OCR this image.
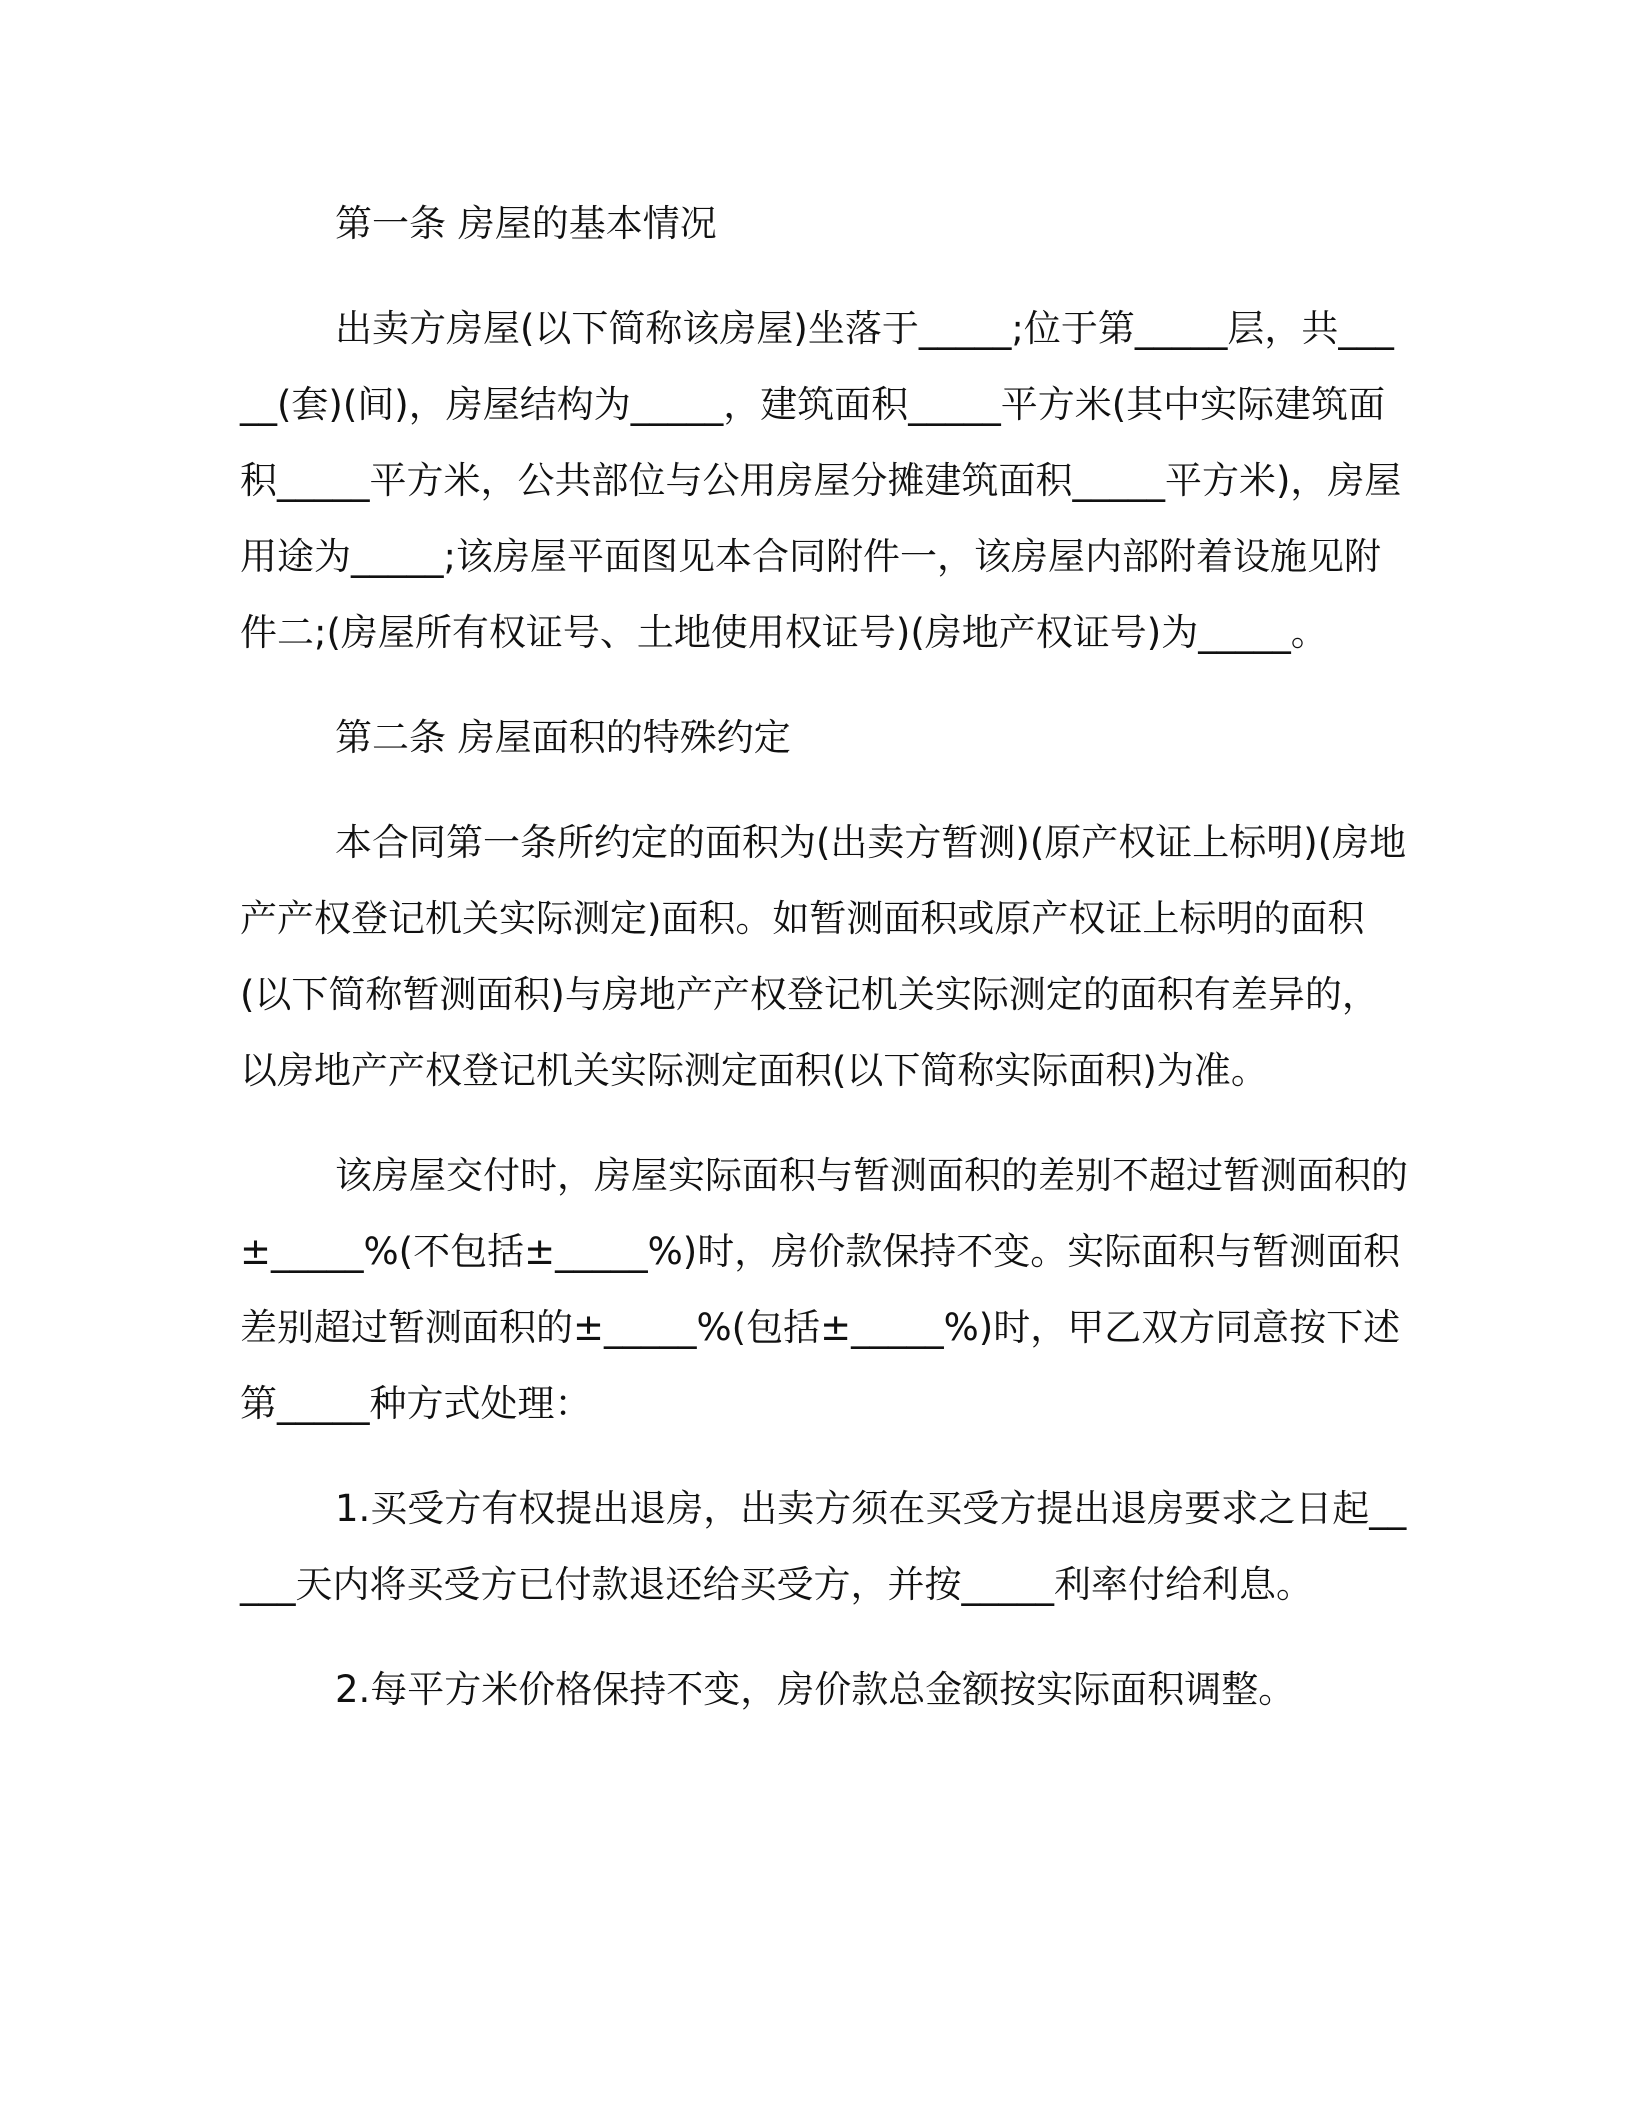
第一条 房屋的基本情况

出卖方房屋(以下简称该房屋)坐落于_____;位于第_____层，共_____(套)(间)，房屋结构为_____，建筑面积_____平方米(其中实际建筑面积_____平方米，公共部位与公用房屋分摊建筑面积_____平方米)，房屋用途为_____;该房屋平面图见本合同附件一，该房屋内部附着设施见附件二;(房屋所有权证号、土地使用权证号)(房地产权证号)为_____。

第二条 房屋面积的特殊约定

本合同第一条所约定的面积为(出卖方暂测)(原产权证上标明)(房地产产权登记机关实际测定)面积。如暂测面积或原产权证上标明的面积(以下简称暂测面积)与房地产产权登记机关实际测定的面积有差异的，以房地产产权登记机关实际测定面积(以下简称实际面积)为准。

该房屋交付时，房屋实际面积与暂测面积的差别不超过暂测面积的±_____%(不包括±_____%)时，房价款保持不变。实际面积与暂测面积差别超过暂测面积的±_____%(包括±_____%)时，甲乙双方同意按下述第_____种方式处理：

1.买受方有权提出退房，出卖方须在买受方提出退房要求之日起_____天内将买受方已付款退还给买受方，并按_____利率付给利息。

2.每平方米价格保持不变，房价款总金额按实际面积调整。
